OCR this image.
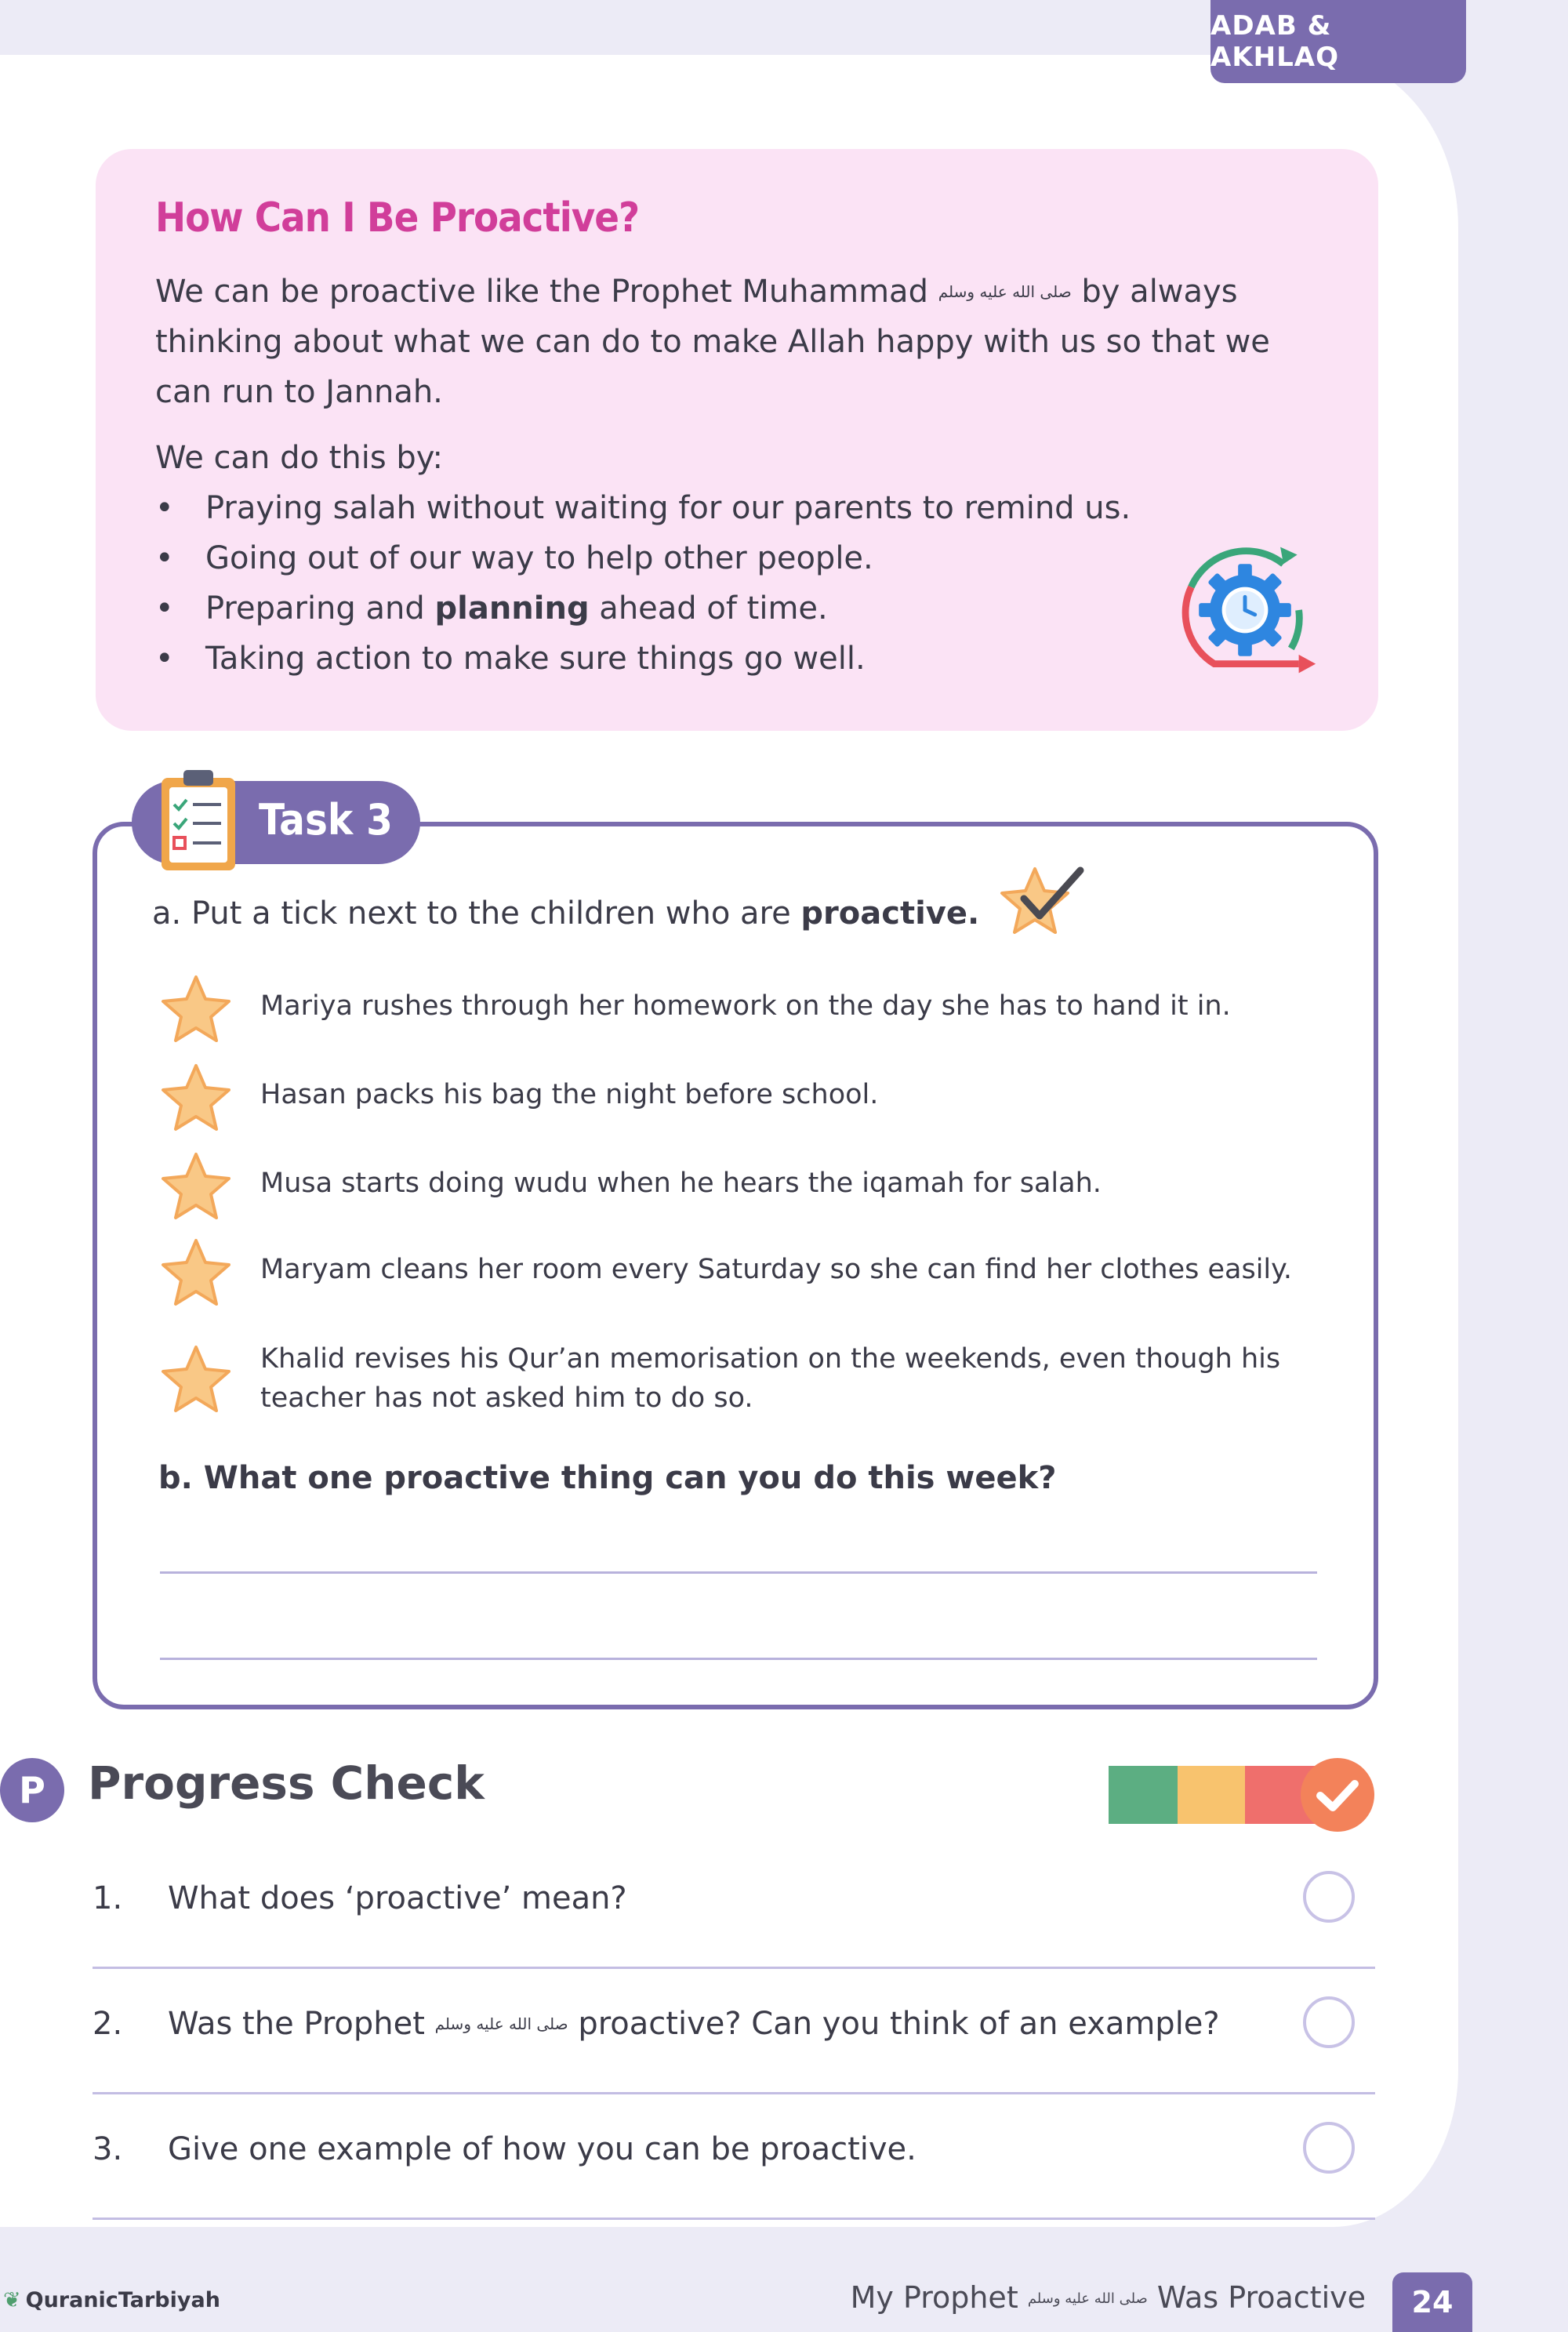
ADAB & AKHLAQ
How Can I Be Proactive?

We can be proactive like the Prophet Muhammad صلى الله عليه وسلم by always thinking about what we can do to make Allah happy with us so that we can run to Jannah.

We can do this by:

• Praying salah without waiting for our parents to remind us.
• Going out of our way to help other people.
• Preparing and planning ahead of time.
• Taking action to make sure things go well.
Task 3

a. Put a tick next to the children who are proactive.

Mariya rushes through her homework on the day she has to hand it in.
Hasan packs his bag the night before school.
Musa starts doing wudu when he hears the iqamah for salah.
Maryam cleans her room every Saturday so she can find her clothes easily.
Khalid revises his Qur’an memorisation on the weekends, even though his teacher has not asked him to do so.

b. What one proactive thing can you do this week?

P Progress Check
1. What does ‘proactive’ mean?
2. Was the Prophet صلى الله عليه وسلم proactive? Can you think of an example?
3. Give one example of how you can be proactive.
❦ QuranicTarbiyah	My Prophet صلى الله عليه وسلم Was Proactive	24
